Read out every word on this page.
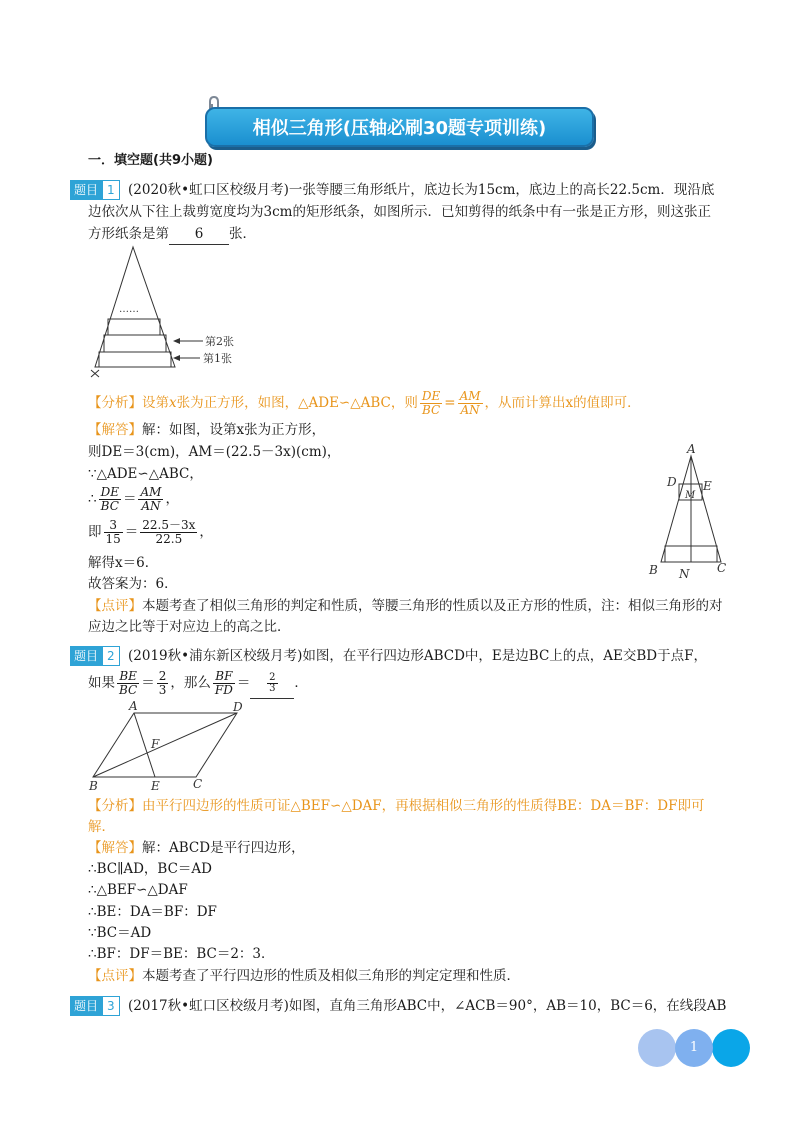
相似三角形(压轴必刷30题专项训练)
一．填空题(共9小题)
题目 1 (2020秋•虹口区校级月考)一张等腰三角形纸片，底边长为15cm，底边上的高长22.5cm．现沿底
边依次从下往上裁剪宽度均为3cm的矩形纸条，如图所示．已知剪得的纸条中有一张是正方形，则这张正
方形纸条是第 6 张．
……
第2张
第1张
【分析】设第x张为正方形，如图，△ADE∽△ABC，则 $\frac{DE}{BC} = \frac{AM}{AN}$ ，从而计算出x的值即可．
【解答】解：如图，设第x张为正方形，
则DE＝3(cm)，AM＝(22.5－3x)(cm)，
∵△ADE∽△ABC，
∴ $\frac{DE}{BC} = \frac{AM}{AN}$ ，
即 $\frac{3}{15} = \frac{22.5-3x}{22.5}$ ，
解得x＝6．
故答案为：6．
【点评】本题考查了相似三角形的判定和性质，等腰三角形的性质以及正方形的性质，注：相似三角形的对
应边之比等于对应边上的高之比．
A
D E
M
B N C
题目 2 (2019秋•浦东新区校级月考)如图，在平行四边形ABCD中，E是边BC上的点，AE交BD于点F，
如果 $\frac{BE}{BC} = \frac{2}{3}$ ，那么 $\frac{BF}{FD} = \frac{2}{3}$ ．
A	D
F
B	E	C
【分析】由平行四边形的性质可证△BEF∽△DAF，再根据相似三角形的性质得BE：DA＝BF：DF即可
解．
【解答】解：ABCD是平行四边形，
∴BC∥AD，BC＝AD
∴△BEF∽△DAF
∴BE：DA＝BF：DF
∵BC＝AD
∴BF：DF＝BE：BC＝2：3．
【点评】本题考查了平行四边形的性质及相似三角形的判定定理和性质．
题目 3 (2017秋•虹口区校级月考)如图，直角三角形ABC中，∠ACB＝90°，AB＝10，BC＝6，在线段AB
1
